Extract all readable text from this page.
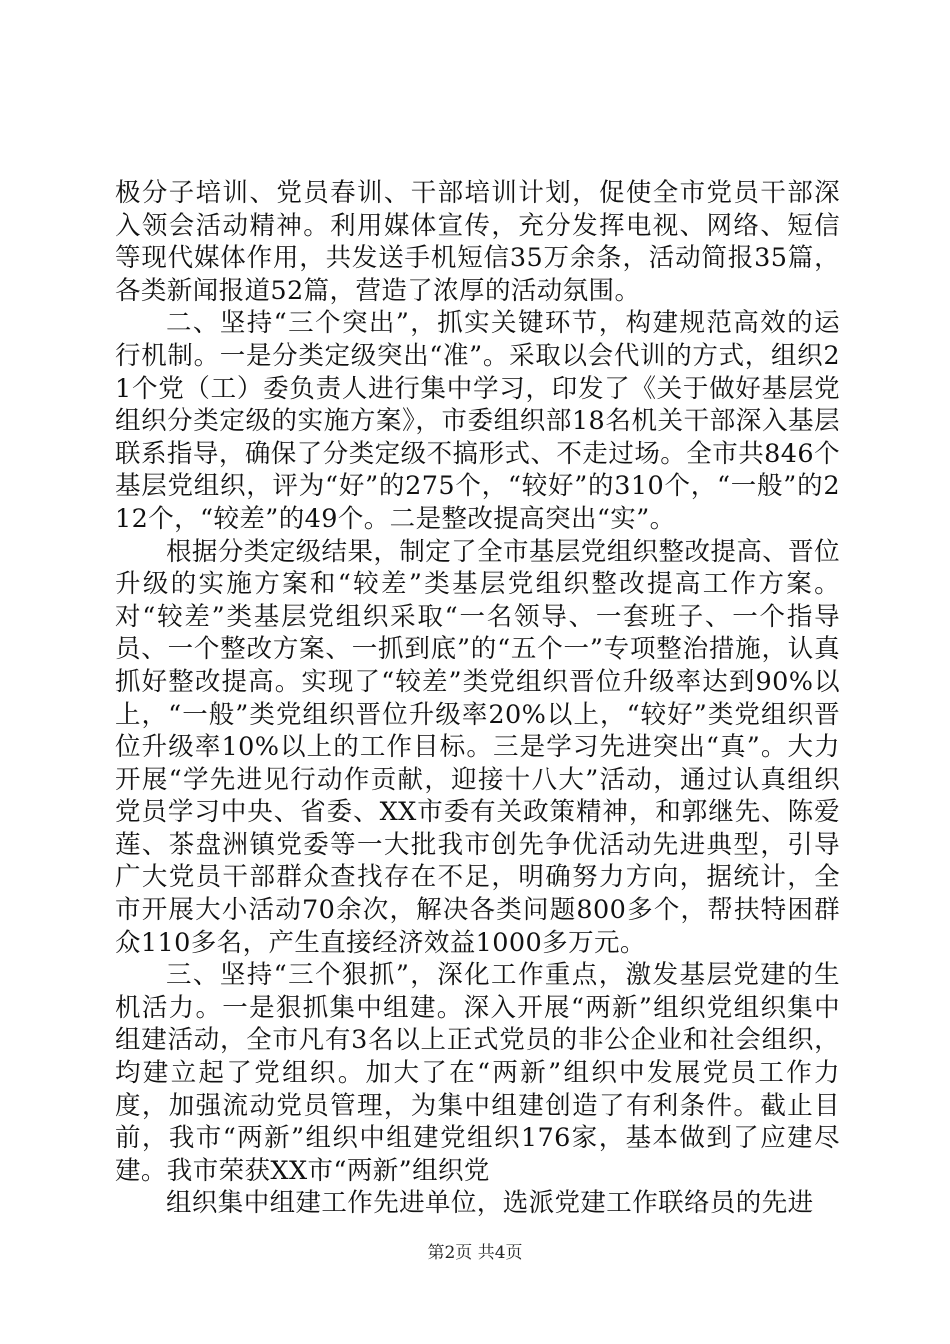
极分子培训、党员春训、干部培训计划，促使全市党员干部深入领会活动精神。利用媒体宣传，充分发挥电视、网络、短信等现代媒体作用，共发送手机短信35万余条，活动简报35篇，各类新闻报道52篇，营造了浓厚的活动氛围。

二、坚持“三个突出”，抓实关键环节，构建规范高效的运行机制。一是分类定级突出“准”。采取以会代训的方式，组织21个党（工）委负责人进行集中学习，印发了《关于做好基层党组织分类定级的实施方案》，市委组织部18名机关干部深入基层联系指导，确保了分类定级不搞形式、不走过场。全市共846个基层党组织，评为“好”的275个，“较好”的310个，“一般”的212个，“较差”的49个。二是整改提高突出“实”。

根据分类定级结果，制定了全市基层党组织整改提高、晋位升级的实施方案和“较差”类基层党组织整改提高工作方案。对“较差”类基层党组织采取“一名领导、一套班子、一个指导员、一个整改方案、一抓到底”的“五个一”专项整治措施，认真抓好整改提高。实现了“较差”类党组织晋位升级率达到90%以上，“一般”类党组织晋位升级率20%以上，“较好”类党组织晋位升级率10%以上的工作目标。三是学习先进突出“真”。大力开展“学先进见行动作贡献，迎接十八大”活动，通过认真组织党员学习中央、省委、XX市委有关政策精神，和郭继先、陈爱莲、茶盘洲镇党委等一大批我市创先争优活动先进典型，引导广大党员干部群众查找存在不足，明确努力方向，据统计，全市开展大小活动70余次，解决各类问题800多个，帮扶特困群众110多名，产生直接经济效益1000多万元。

三、坚持“三个狠抓”，深化工作重点，激发基层党建的生机活力。一是狠抓集中组建。深入开展“两新”组织党组织集中组建活动，全市凡有3名以上正式党员的非公企业和社会组织，均建立起了党组织。加大了在“两新”组织中发展党员工作力度，加强流动党员管理，为集中组建创造了有利条件。截止目前，我市“两新”组织中组建党组织176家，基本做到了应建尽建。我市荣获XX市“两新”组织党

组织集中组建工作先进单位，选派党建工作联络员的先进

第2页 共4页
